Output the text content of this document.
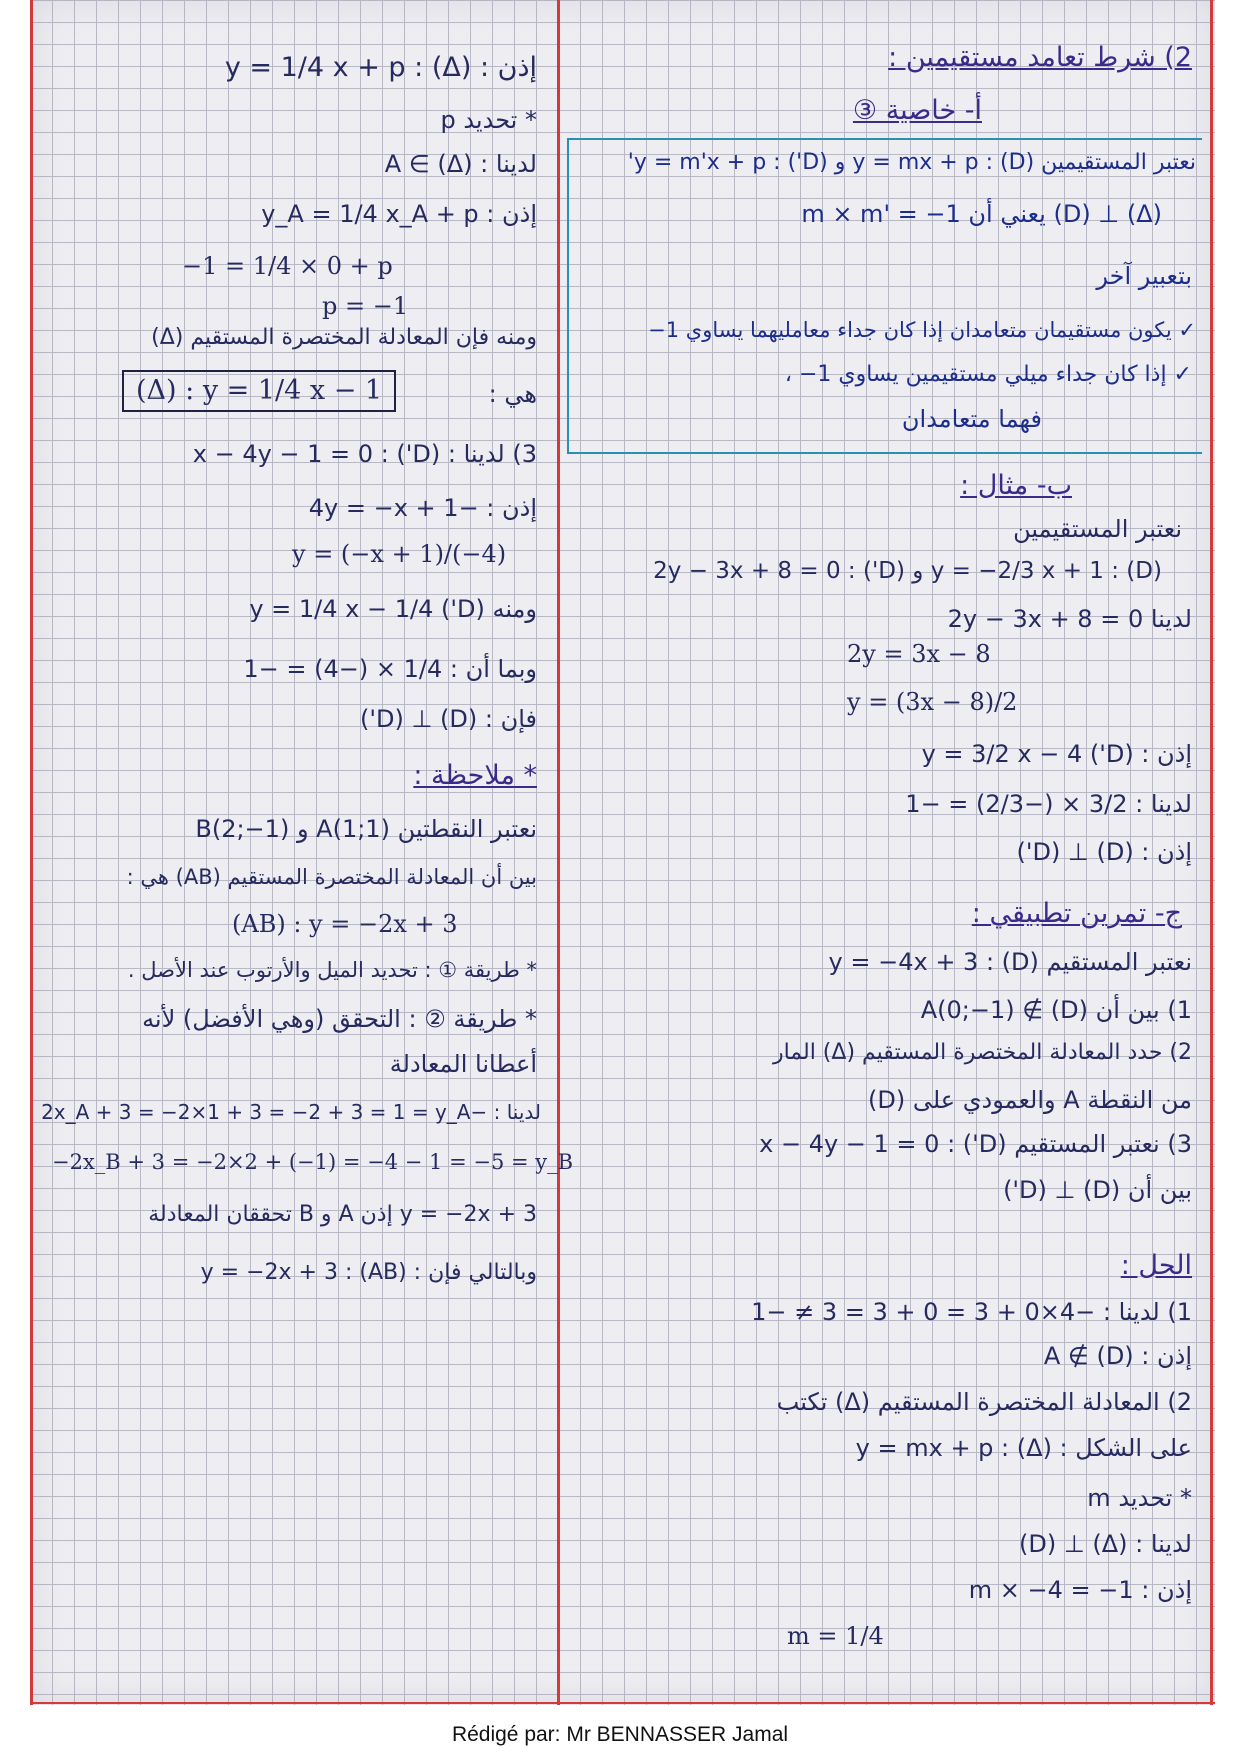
2) شرط تعامد مستقيمين :
أ- خاصية ③
نعتبر المستقيمين (D) : y = mx + p و (D') : y = m'x + p'
(Δ) ⊥ (D) يعني أن m × m' = −1
بتعبير آخر
✓ يكون مستقيمان متعامدان إذا كان جداء معامليهما يساوي 1−
✓ إذا كان جداء ميلي مستقيمين يساوي 1− ،
فهما متعامدان
ب- مثال :
نعتبر المستقيمين
(D) : y = −2/3 x + 1 و (D') : 2y − 3x + 8 = 0
لدينا 2y − 3x + 8 = 0
2y = 3x − 8
y = (3x − 8)/2
إذن : (D') y = 3/2 x − 4
لدينا : 3/2 × (−2/3) = −1
إذن : (D) ⊥ (D')
ج- تمرين تطبيقي :
نعتبر المستقيم (D) : y = −4x + 3
1) بين أن A(0;−1) ∉ (D)
2) حدد المعادلة المختصرة المستقيم (Δ) المار
من النقطة A والعمودي على (D)
3) نعتبر المستقيم (D') : x − 4y − 1 = 0
بين أن (D) ⊥ (D')
الحل :
1) لدينا : −4×0 + 3 = 0 + 3 = 3 ≠ −1
إذن : A ∉ (D)
2) المعادلة المختصرة المستقيم (Δ) تكتب
على الشكل : (Δ) : y = mx + p
* تحديد m
لدينا : (Δ) ⊥ (D)
إذن : m × −4 = −1
m = 1/4
إذن : (Δ) : y = 1/4 x + p
* تحديد p
لدينا : A ∈ (Δ)
إذن : y_A = 1/4 x_A + p
−1 = 1/4 × 0 + p
p = −1
ومنه فإن المعادلة المختصرة المستقيم (Δ)
هي :
(Δ) : y = 1/4 x − 1
3) لدينا : (D') : x − 4y − 1 = 0
إذن : −4y = −x + 1
y = (−x + 1)/(−4)
ومنه (D') y = 1/4 x − 1/4
وبما أن : 1/4 × (−4) = −1
فإن : (D) ⊥ (D')
* ملاحظة :
نعتبر النقطتين A(1;1) و B(2;−1)
بين أن المعادلة المختصرة المستقيم (AB) هي :
(AB) : y = −2x + 3
* طريقة ① : تحديد الميل والأرتوب عند الأصل .
* طريقة ② : التحقق (وهي الأفضل) لأنه
أعطانا المعادلة
لدينا : −2x_A + 3 = −2×1 + 3 = −2 + 3 = 1 = y_A
−2x_B + 3 = −2×2 + (−1) = −4 − 1 = −5 = y_B
y = −2x + 3 إذن A و B تحققان المعادلة
وبالتالي فإن : (AB) : y = −2x + 3
Rédigé par: Mr BENNASSER Jamal
